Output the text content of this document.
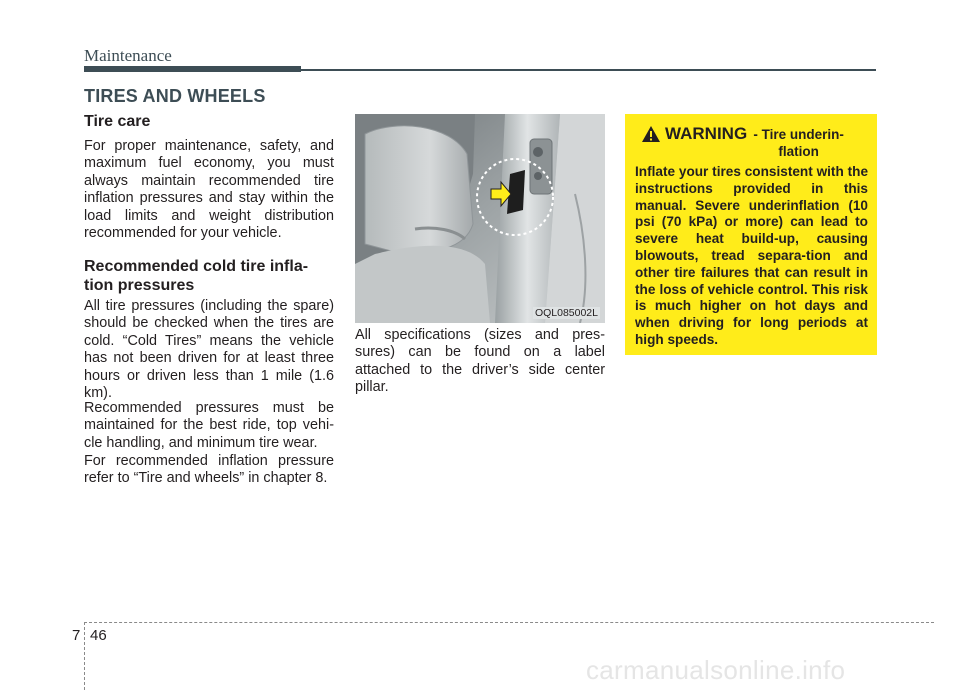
Maintenance
TIRES AND WHEELS
Tire care
For proper maintenance, safety, and maximum fuel economy, you must always maintain recommended tire inflation pressures and stay within the load limits and weight distribution recommended for your vehicle.
Recommended cold tire infla-
tion pressures
All tire pressures (including the spare) should be checked when the tires are cold. “Cold Tires” means the vehicle has not been driven for at least three hours or driven less than 1 mile (1.6 km).
Recommended pressures must be maintained for the best ride, top vehi-cle handling, and minimum tire wear.
For recommended inflation pressure refer to “Tire and wheels” in chapter 8.
OQL085002L
All specifications (sizes and pres-sures) can be found on a label attached to the driver’s side center pillar.
WARNING - Tire underin-
flation
Inflate your tires consistent with the instructions provided in this manual. Severe underinflation (10 psi (70 kPa) or more) can lead to severe heat build-up, causing blowouts, tread separa-tion and other tire failures that can result in the loss of vehicle control. This risk is much higher on hot days and when driving for long periods at high speeds.
7 46
carmanualsonline.info
